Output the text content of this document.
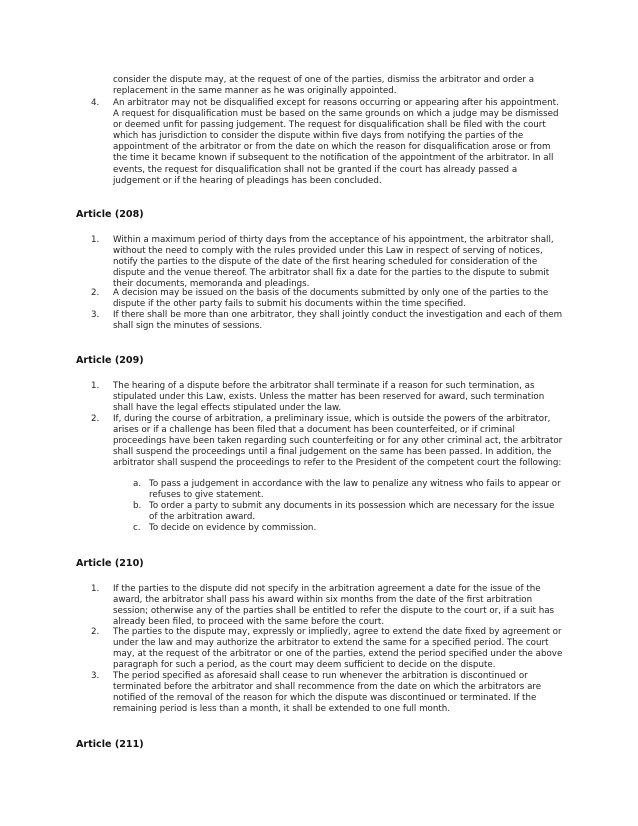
consider the dispute may, at the request of one of the parties, dismiss the arbitrator and order a replacement in the same manner as he was originally appointed.

4.	An arbitrator may not be disqualified except for reasons occurring or appearing after his appointment. A request for disqualification must be based on the same grounds on which a judge may be dismissed or deemed unfit for passing judgement. The request for disqualification shall be filed with the court which has jurisdiction to consider the dispute within five days from notifying the parties of the appointment of the arbitrator or from the date on which the reason for disqualification arose or from the time it became known if subsequent to the notification of the appointment of the arbitrator. In all events, the request for disqualification shall not be granted if the court has already passed a judgement or if the hearing of pleadings has been concluded.

Article (208)

1.	Within a maximum period of thirty days from the acceptance of his appointment, the arbitrator shall, without the need to comply with the rules provided under this Law in respect of serving of notices, notify the parties to the dispute of the date of the first hearing scheduled for consideration of the dispute and the venue thereof. The arbitrator shall fix a date for the parties to the dispute to submit their documents, memoranda and pleadings.

2.	A decision may be issued on the basis of the documents submitted by only one of the parties to the dispute if the other party fails to submit his documents within the time specified.

3.	If there shall be more than one arbitrator, they shall jointly conduct the investigation and each of them shall sign the minutes of sessions.

Article (209)

1.	The hearing of a dispute before the arbitrator shall terminate if a reason for such termination, as stipulated under this Law, exists. Unless the matter has been reserved for award, such termination shall have the legal effects stipulated under the law.

2.	If, during the course of arbitration, a preliminary issue, which is outside the powers of the arbitrator, arises or if a challenge has been filed that a document has been counterfeited, or if criminal proceedings have been taken regarding such counterfeiting or for any other criminal act, the arbitrator shall suspend the proceedings until a final judgement on the same has been passed. In addition, the arbitrator shall suspend the proceedings to refer to the President of the competent court the following:

a. To pass a judgement in accordance with the law to penalize any witness who fails to appear or refuses to give statement.

b. To order a party to submit any documents in its possession which are necessary for the issue of the arbitration award.

c. To decide on evidence by commission.

Article (210)

1.	If the parties to the dispute did not specify in the arbitration agreement a date for the issue of the award, the arbitrator shall pass his award within six months from the date of the first arbitration session; otherwise any of the parties shall be entitled to refer the dispute to the court or, if a suit has already been filed, to proceed with the same before the court.

2.	The parties to the dispute may, expressly or impliedly, agree to extend the date fixed by agreement or under the law and may authorize the arbitrator to extend the same for a specified period. The court may, at the request of the arbitrator or one of the parties, extend the period specified under the above paragraph for such a period, as the court may deem sufficient to decide on the dispute.

3.	The period specified as aforesaid shall cease to run whenever the arbitration is discontinued or terminated before the arbitrator and shall recommence from the date on which the arbitrators are notified of the removal of the reason for which the dispute was discontinued or terminated. If the remaining period is less than a month, it shall be extended to one full month.

Article (211)
